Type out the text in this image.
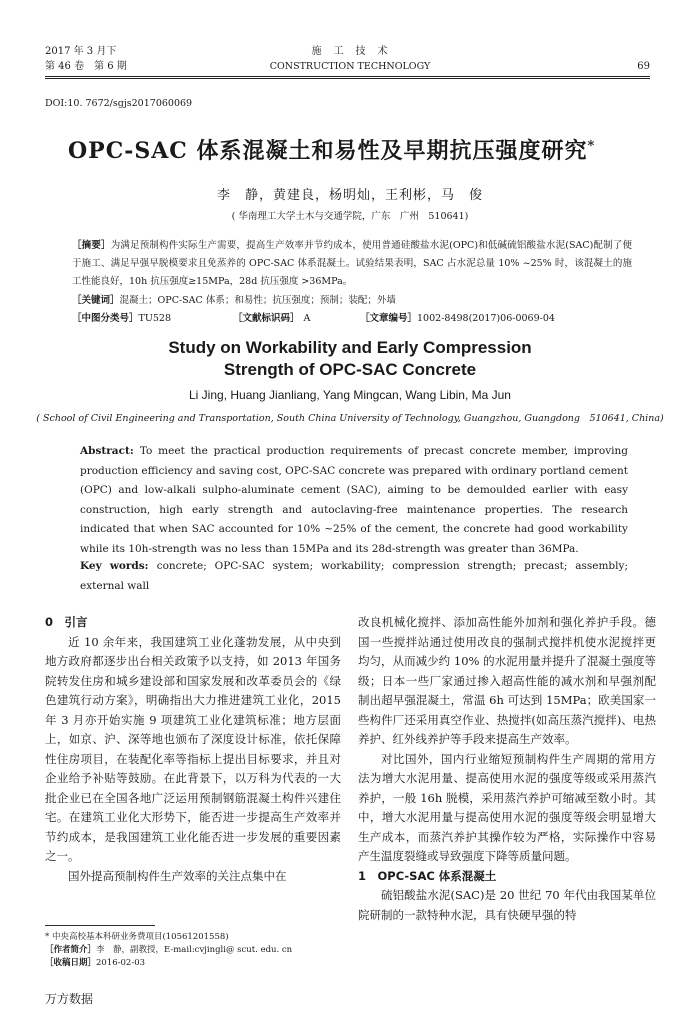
2017 年 3 月下
第 46 卷　第 6 期
施　工　技　术
CONSTRUCTION TECHNOLOGY	69
DOI:10. 7672/sgjs2017060069
OPC-SAC 体系混凝土和易性及早期抗压强度研究*
李　静，黄建良，杨明灿，王利彬，马　俊
( 华南理工大学土木与交通学院，广东　广州　510641)
［摘要］为满足预制构件实际生产需要，提高生产效率并节约成本，使用普通硅酸盐水泥(OPC)和低碱硫铝酸盐水泥(SAC)配制了便于施工、满足早强早脱模要求且免蒸养的 OPC-SAC 体系混凝土。试验结果表明，SAC 占水泥总量 10% ~25% 时，该混凝土的施工性能良好，10h 抗压强度≥15MPa，28d 抗压强度 >36MPa。
［关键词］混凝土；OPC-SAC 体系；和易性；抗压强度；预制；装配；外墙
［中图分类号］TU528	［文献标识码］ A	［文章编号］1002-8498(2017)06-0069-04
Study on Workability and Early Compression
Strength of OPC-SAC Concrete
Li Jing, Huang Jianliang, Yang Mingcan, Wang Libin, Ma Jun
( School of Civil Engineering and Transportation, South China University of Technology, Guangzhou, Guangdong　510641, China)
Abstract: To meet the practical production requirements of precast concrete member, improving production efficiency and saving cost, OPC-SAC concrete was prepared with ordinary portland cement (OPC) and low-alkali sulpho-aluminate cement (SAC), aiming to be demoulded earlier with easy construction, high early strength and autoclaving-free maintenance properties. The research indicated that when SAC accounted for 10% ~25% of the cement, the concrete had good workability while its 10h-strength was no less than 15MPa and its 28d-strength was greater than 36MPa.
Key words: concrete; OPC-SAC system; workability; compression strength; precast; assembly; external wall

0　引言

近 10 余年来，我国建筑工业化蓬勃发展，从中央到地方政府都逐步出台相关政策予以支持，如 2013 年国务院转发住房和城乡建设部和国家发展和改革委员会的《绿色建筑行动方案》，明确指出大力推进建筑工业化，2015 年 3 月亦开始实施 9 项建筑工业化建筑标准；地方层面上，如京、沪、深等地也颁布了深度设计标准，依托保障性住房项目，在装配化率等指标上提出目标要求，并且对企业给予补贴等鼓励。在此背景下，以万科为代表的一大批企业已在全国各地广泛运用预制钢筋混凝土构件兴建住宅。在建筑工业化大形势下，能否进一步提高生产效率并节约成本，是我国建筑工业化能否进一步发展的重要因素之一。

国外提高预制构件生产效率的关注点集中在

改良机械化搅拌、添加高性能外加剂和强化养护手段。德国一些搅拌站通过使用改良的强制式搅拌机使水泥搅拌更均匀，从而减少约 10% 的水泥用量并提升了混凝土强度等级；日本一些厂家通过掺入超高性能的减水剂和早强剂配制出超早强混凝土，常温 6h 可达到 15MPa；欧美国家一些构件厂还采用真空作业、热搅拌(如高压蒸汽搅拌)、电热养护、红外线养护等手段来提高生产效率。

对比国外，国内行业缩短预制构件生产周期的常用方法为增大水泥用量、提高使用水泥的强度等级或采用蒸汽养护，一般 16h 脱模，采用蒸汽养护可缩减至数小时。其中，增大水泥用量与提高使用水泥的强度等级会明显增大生产成本，而蒸汽养护其操作较为严格，实际操作中容易产生温度裂缝或导致强度下降等质量问题。

1　OPC-SAC 体系混凝土

硫铝酸盐水泥(SAC)是 20 世纪 70 年代由我国某单位院研制的一款特种水泥，具有快硬早强的特

* 中央高校基本科研业务费项目(10561201558)
［作者简介］李　静，副教授，E-mail:cvjingli@ scut. edu. cn
［收稿日期］2016-02-03
万方数据
